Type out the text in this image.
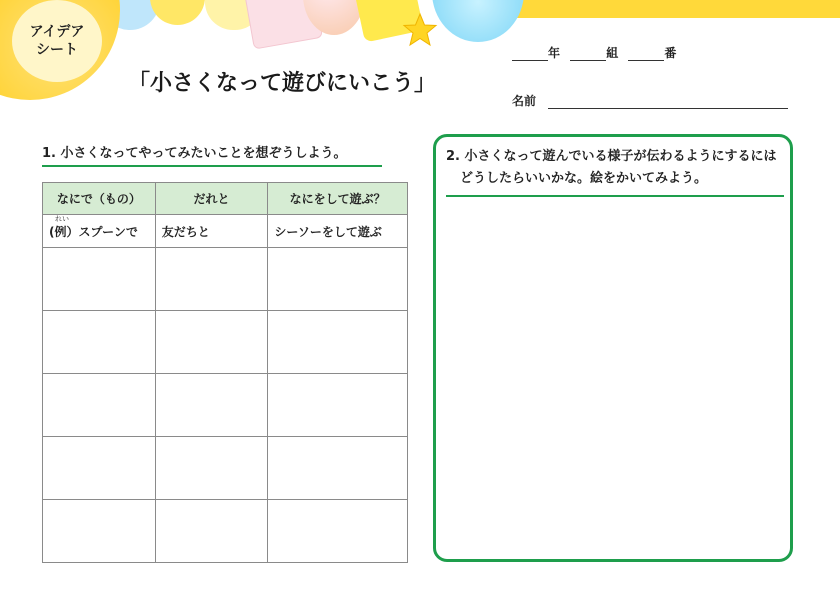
アイデア
シート
「小さくなって遊びにいこう」
年	組	番
名前
1. 小さくなってやってみたいことを想ぞうしよう。
なにで（もの）	だれと	なにをして遊ぶ？

れい
(例）スプーンで	友だちと	シーソーをして遊ぶ

2. 小さくなって遊んでいる様子が伝わるようにするには
どうしたらいいかな。絵をかいてみよう。
